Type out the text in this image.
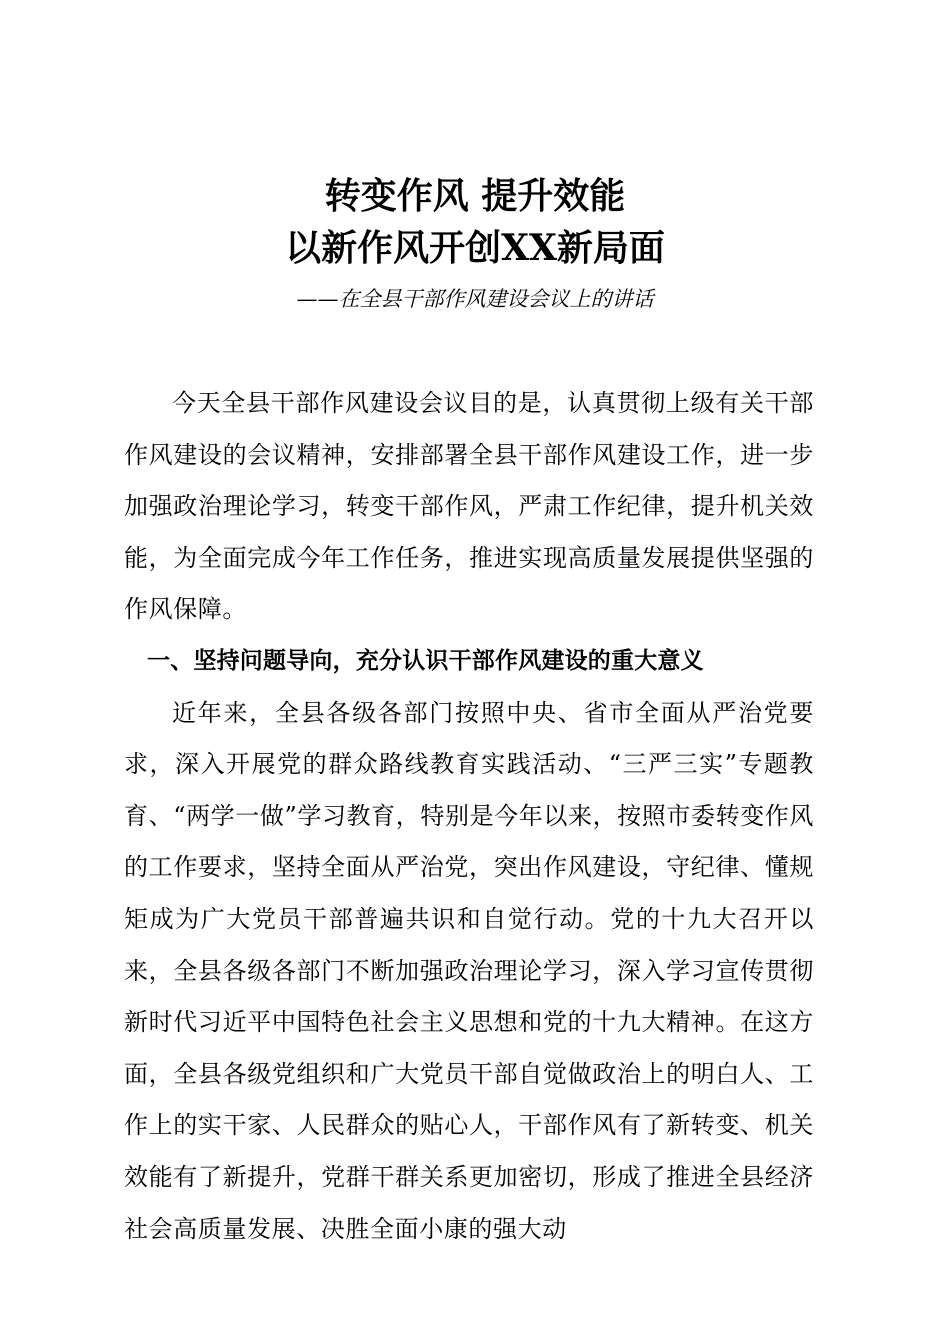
转变作风 提升效能
以新作风开创XX新局面

——在全县干部作风建设会议上的讲话

今天全县干部作风建设会议目的是，认真贯彻上级有关干部作风建设的会议精神，安排部署全县干部作风建设工作，进一步加强政治理论学习，转变干部作风，严肃工作纪律，提升机关效能，为全面完成今年工作任务，推进实现高质量发展提供坚强的作风保障。

一、坚持问题导向，充分认识干部作风建设的重大意义

近年来，全县各级各部门按照中央、省市全面从严治党要求，深入开展党的群众路线教育实践活动、“三严三实”专题教育、“两学一做”学习教育，特别是今年以来，按照市委转变作风的工作要求，坚持全面从严治党，突出作风建设，守纪律、懂规矩成为广大党员干部普遍共识和自觉行动。党的十九大召开以来，全县各级各部门不断加强政治理论学习，深入学习宣传贯彻新时代习近平中国特色社会主义思想和党的十九大精神。在这方面，全县各级党组织和广大党员干部自觉做政治上的明白人、工作上的实干家、人民群众的贴心人，干部作风有了新转变、机关效能有了新提升，党群干群关系更加密切，形成了推进全县经济社会高质量发展、决胜全面小康的强大动
